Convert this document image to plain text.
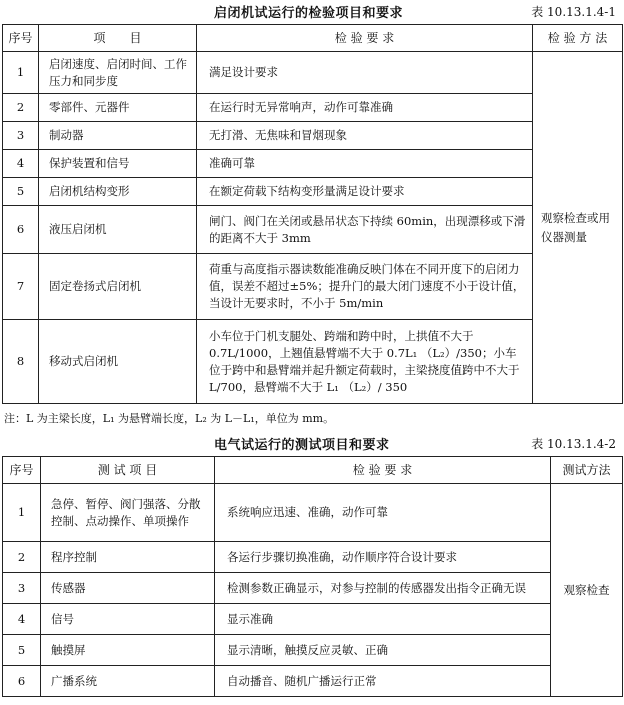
启闭机试运行的检验项目和要求	表 10.13.1.4-1
序号	项　　目	检 验 要 求	检 验 方 法
1	启闭速度、启闭时间、工作压力和同步度	满足设计要求	观察检查或用仪器测量
2	零部件、元器件	在运行时无异常响声，动作可靠准确	
3	制动器	无打滑、无焦味和冒烟现象	
4	保护装置和信号	准确可靠	
5	启闭机结构变形	在额定荷载下结构变形量满足设计要求	
6	液压启闭机	闸门、阀门在关闭或悬吊状态下持续 60min，出现漂移或下滑的距离不大于 3mm	
7	固定卷扬式启闭机	荷重与高度指示器读数能准确反映门体在不同开度下的启闭力值，误差不超过±5%；提升门的最大闭门速度不小于设计值，当设计无要求时，不小于 5m/min	
8	移动式启闭机	小车位于门机支腿处、跨端和跨中时，上拱值不大于0.7L/1000，上翘值悬臂端不大于 0.7L₁ （L₂）/350；小车位于跨中和悬臂端并起升额定荷载时，主梁挠度值跨中不大于L/700，悬臂端不大于 L₁ （L₂）/ 350	
注：L 为主梁长度，L₁ 为悬臂端长度，L₂ 为 L－L₁，单位为 mm。
电气试运行的测试项目和要求	表 10.13.1.4-2
序号	测 试 项 目	检 验 要 求	测试方法
1	急停、暂停、阀门强落、分散控制、点动操作、单项操作	系统响应迅速、准确，动作可靠	观察检查
2	程序控制	各运行步骤切换准确，动作顺序符合设计要求	
3	传感器	检测参数正确显示，对参与控制的传感器发出指令正确无误	
4	信号	显示准确	
5	触摸屏	显示清晰，触摸反应灵敏、正确	
6	广播系统	自动播音、随机广播运行正常	
